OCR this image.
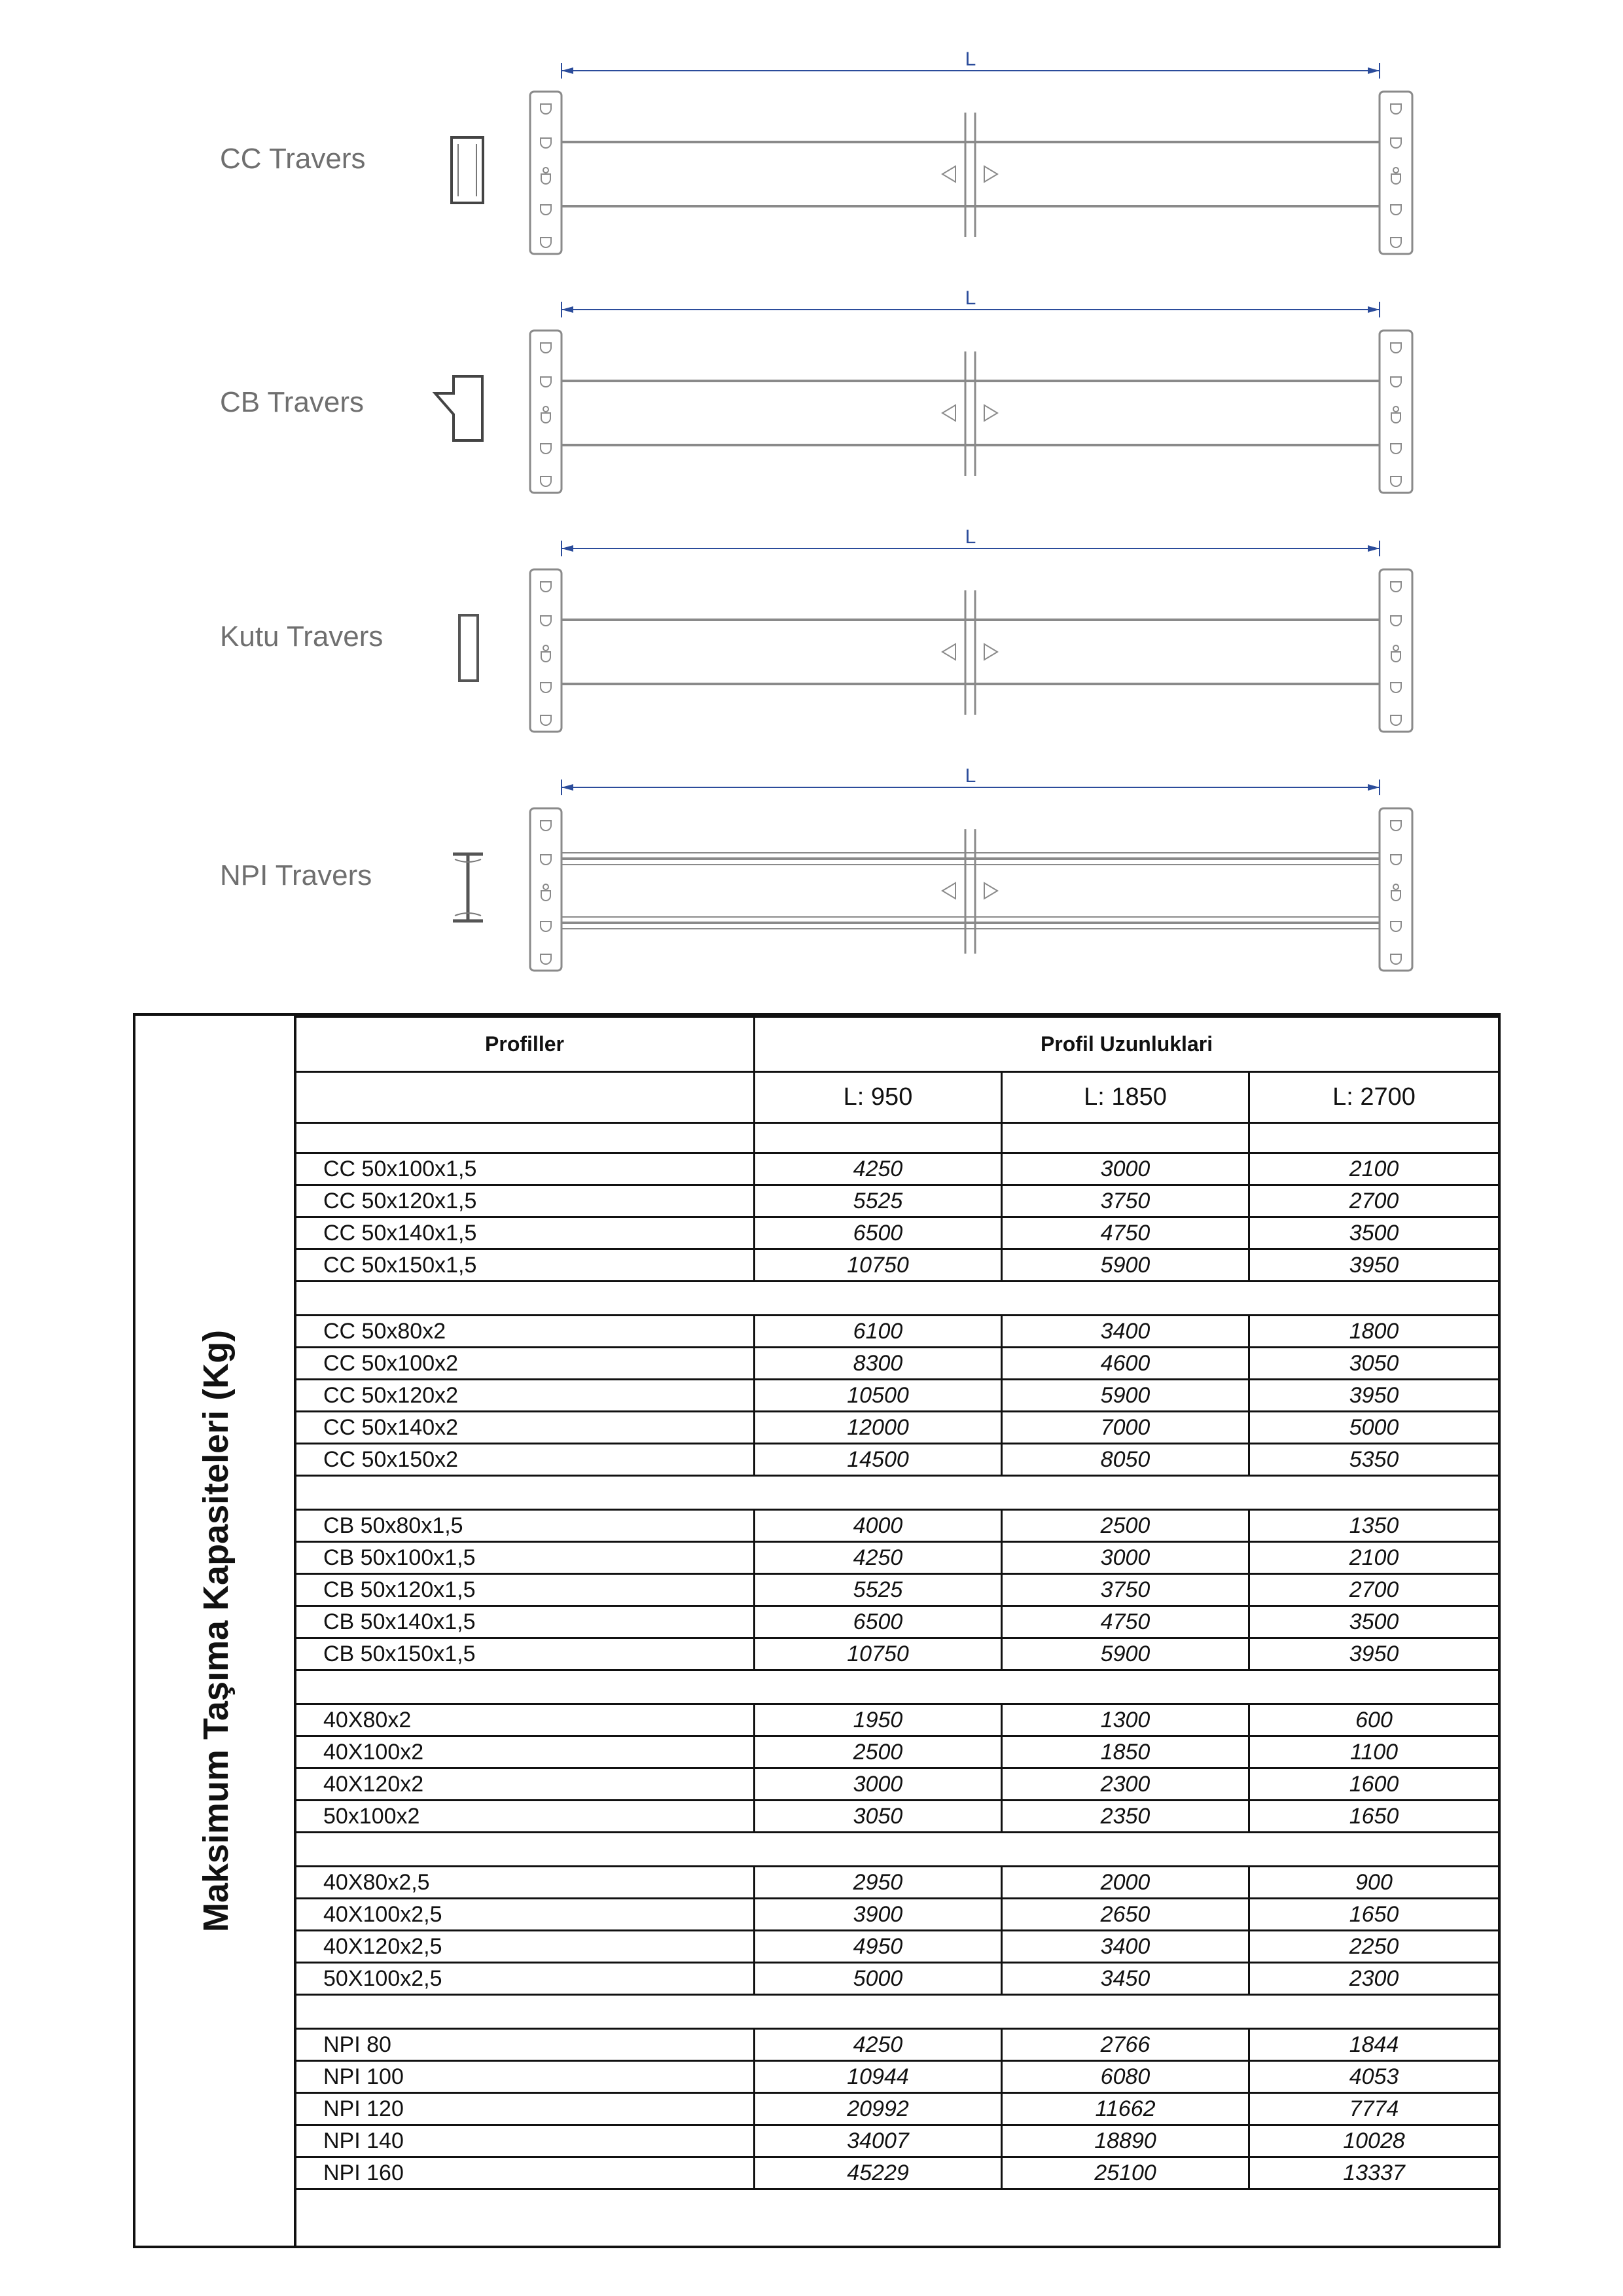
CC Travers
L
CB Travers
L
Kutu Travers
L
NPI Travers
L
Maksimum Taşıma Kapasiteleri (Kg)
Profiller	Profil Uzunluklari		
	L: 950	L: 1850	L: 2700

CC 50x100x1,5	4250	3000	2100
CC 50x120x1,5	5525	3750	2700
CC 50x140x1,5	6500	4750	3500
CC 50x150x1,5	10750	5900	3950

CC 50x80x2	6100	3400	1800
CC 50x100x2	8300	4600	3050
CC 50x120x2	10500	5900	3950
CC 50x140x2	12000	7000	5000
CC 50x150x2	14500	8050	5350

CB 50x80x1,5	4000	2500	1350
CB 50x100x1,5	4250	3000	2100
CB 50x120x1,5	5525	3750	2700
CB 50x140x1,5	6500	4750	3500
CB 50x150x1,5	10750	5900	3950

40X80x2	1950	1300	600
40X100x2	2500	1850	1100
40X120x2	3000	2300	1600
50x100x2	3050	2350	1650

40X80x2,5	2950	2000	900
40X100x2,5	3900	2650	1650
40X120x2,5	4950	3400	2250
50X100x2,5	5000	3450	2300

NPI 80	4250	2766	1844
NPI 100	10944	6080	4053
NPI 120	20992	11662	7774
NPI 140	34007	18890	10028
NPI 160	45229	25100	13337
